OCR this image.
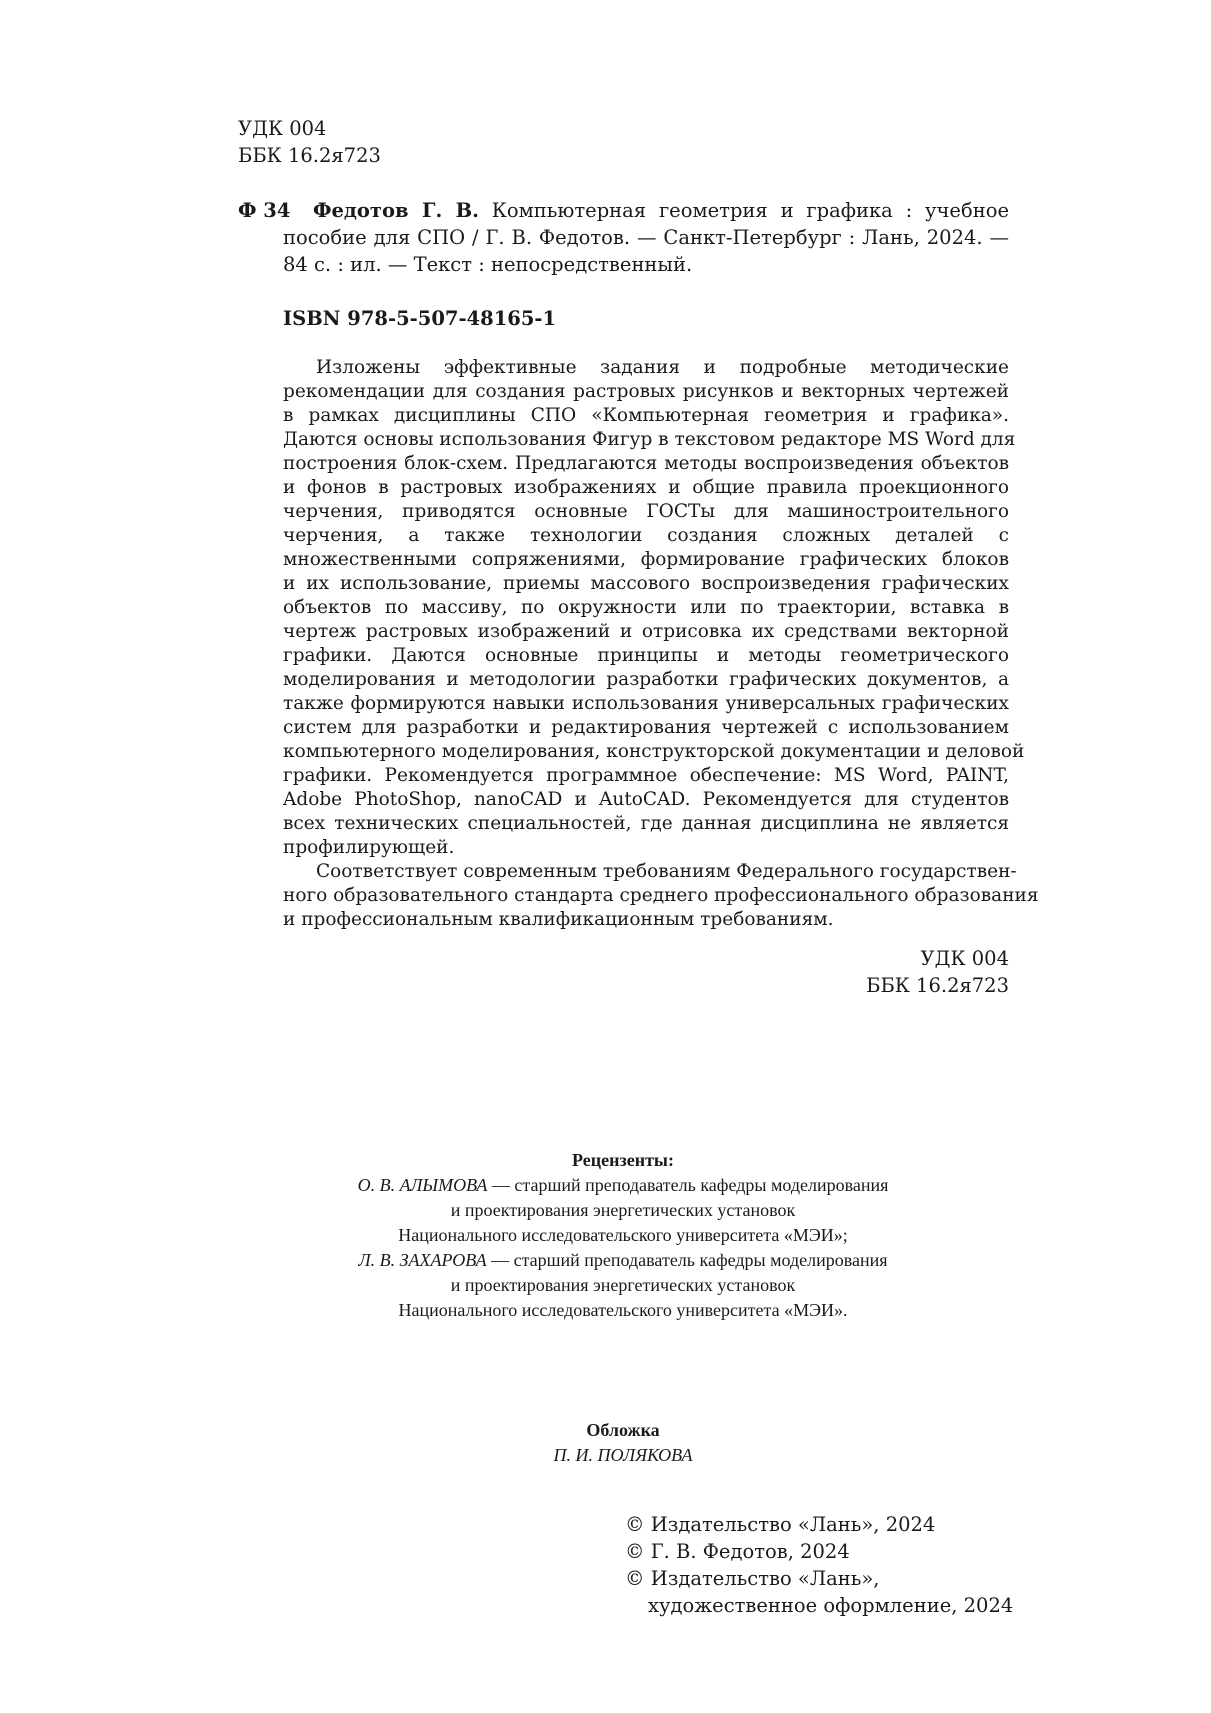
УДК 004
ББК 16.2я723
Ф 34 Федотов Г. В. Компьютерная геометрия и графика : учебное
пособие для СПО / Г. В. Федотов. — Санкт-Петербург : Лань, 2024. —
84 с. : ил. — Текст : непосредственный.
ISBN 978-5-507-48165-1
Изложены эффективные задания и подробные методические
рекомендации для создания растровых рисунков и векторных чертежей
в рамках дисциплины СПО «Компьютерная геометрия и графика».
Даются основы использования Фигур в текстовом редакторе MS Word для
построения блок-схем. Предлагаются методы воспроизведения объектов
и фонов в растровых изображениях и общие правила проекционного
черчения, приводятся основные ГОСТы для машиностроительного
черчения, а также технологии создания сложных деталей с
множественными сопряжениями, формирование графических блоков
и их использование, приемы массового воспроизведения графических
объектов по массиву, по окружности или по траектории, вставка в
чертеж растровых изображений и отрисовка их средствами векторной
графики. Даются основные принципы и методы геометрического
моделирования и методологии разработки графических документов, а
также формируются навыки использования универсальных графических
систем для разработки и редактирования чертежей с использованием
компьютерного моделирования, конструкторской документации и деловой
графики. Рекомендуется программное обеспечение: MS Word, PAINT,
Adobe PhotoShop, nanoCAD и AutoCAD. Рекомендуется для студентов
всех технических специальностей, где данная дисциплина не является
профилирующей.
Соответствует современным требованиям Федерального государствен-
ного образовательного стандарта среднего профессионального образования
и профессиональным квалификационным требованиям.
УДК 004
ББК 16.2я723
Рецензенты:
О. В. АЛЫМОВА — старший преподаватель кафедры моделирования
и проектирования энергетических установок
Национального исследовательского университета «МЭИ»;
Л. В. ЗАХАРОВА — старший преподаватель кафедры моделирования
и проектирования энергетических установок
Национального исследовательского университета «МЭИ».
Обложка
П. И. ПОЛЯКОВА
© Издательство «Лань», 2024
© Г. В. Федотов, 2024
© Издательство «Лань»,
художественное оформление, 2024
